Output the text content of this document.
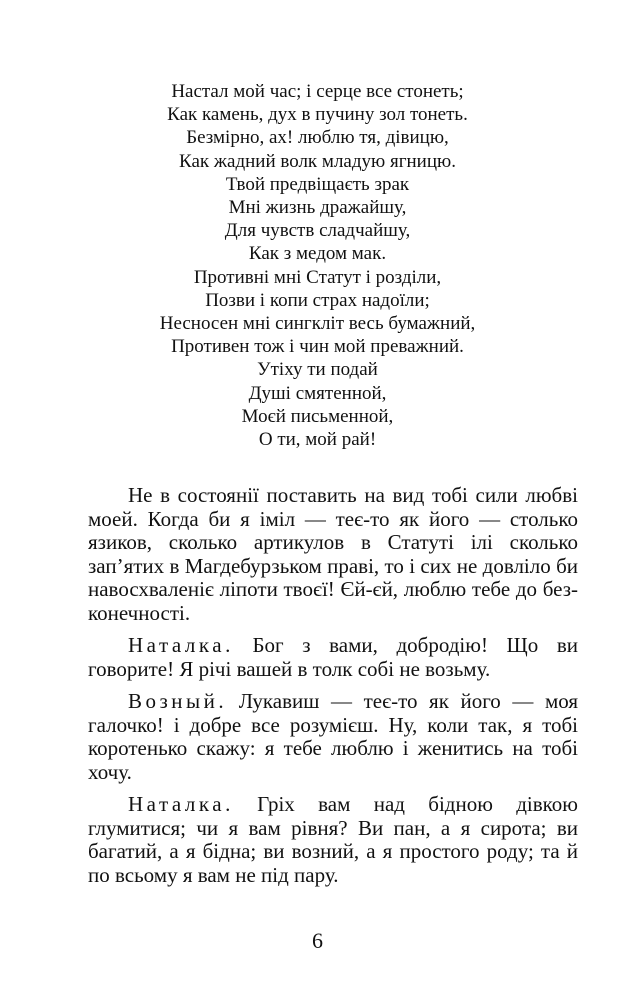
Настал мой час; і серце все стонеть;
Как камень, дух в пучину зол тонеть.
Безмірно, ах! люблю тя, дівицю,
Как жадний волк младую ягницю.
Твой предвіщаєть зрак
Мні жизнь дражайшу,
Для чувств сладчайшу,
Как з медом мак.
Противні мні Статут і розділи,
Позви і копи страх надоїли;
Несносен мні сингкліт весь бумажний,
Противен тож і чин мой преважний.
Утіху ти подай
Душі смятенной,
Моєй письменной,
О ти, мой рай!

Не в состоянії поставить на вид тобі сили любві моей. Когда би я іміл — теє-то як його — столько язиков, сколько артикулов в Статуті ілі сколько зап’ятих в Магдебурзьком праві, то і сих не довліло би навосхваленіє ліпоти твоєї! Єй-єй, люблю тебе до безконечності.

Наталка. Бог з вами, добродію! Що ви говорите! Я річі вашей в толк собі не возьму.

Возный. Лукавиш — теє-то як його — моя галочко! і добре все розумієш. Ну, коли так, я тобі коротенько скажу: я тебе люблю і женитись на тобі хочу.

Наталка. Гріх вам над бідною дівкою глумитися; чи я вам рівня? Ви пан, а я сирота; ви багатий, а я бідна; ви возний, а я простого роду; та й по всьому я вам не під пару.

6
